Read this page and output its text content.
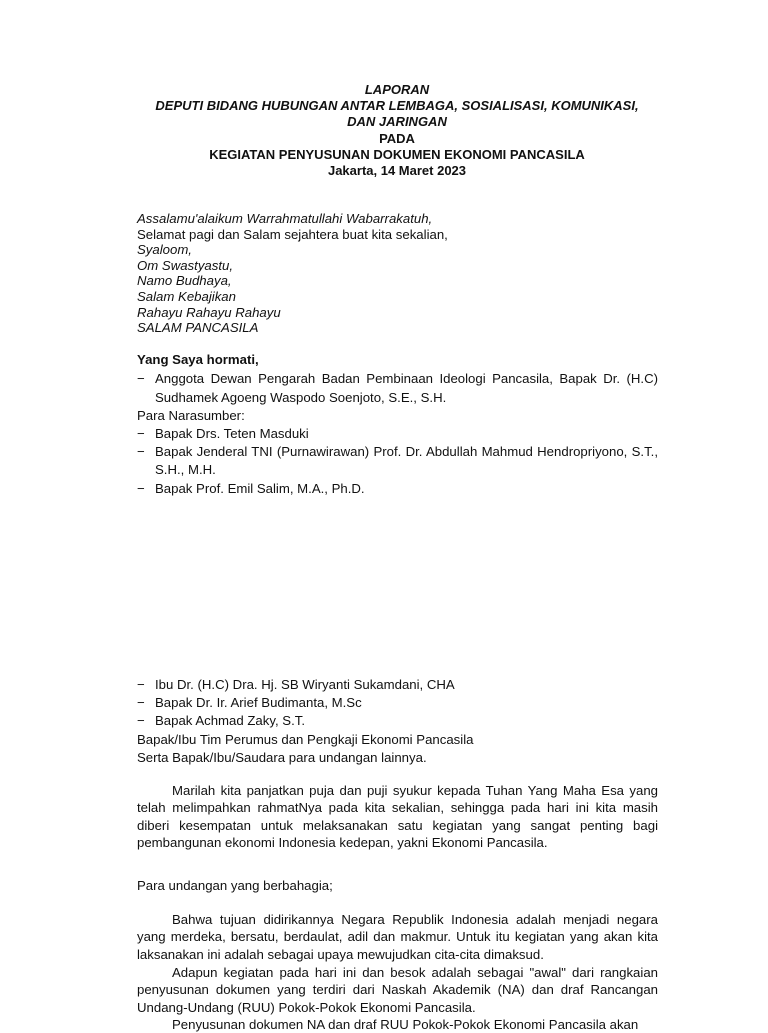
LAPORAN
DEPUTI BIDANG HUBUNGAN ANTAR LEMBAGA, SOSIALISASI, KOMUNIKASI,
DAN JARINGAN
PADA
KEGIATAN PENYUSUNAN DOKUMEN EKONOMI PANCASILA
Jakarta, 14 Maret 2023
Assalamu'alaikum Warrahmatullahi Wabarrakatuh,
Selamat pagi dan Salam sejahtera buat kita sekalian,
Syaloom,
Om Swastyastu,
Namo Budhaya,
Salam Kebajikan
Rahayu Rahayu Rahayu
SALAM PANCASILA
Yang Saya hormati,
− Anggota Dewan Pengarah Badan Pembinaan Ideologi Pancasila, Bapak Dr. (H.C) Sudhamek Agoeng Waspodo Soenjoto, S.E., S.H.
Para Narasumber:
− Bapak Drs. Teten Masduki
− Bapak Jenderal TNI (Purnawirawan) Prof. Dr. Abdullah Mahmud Hendropriyono, S.T., S.H., M.H.
− Bapak Prof. Emil Salim, M.A., Ph.D.
− Ibu Dr. (H.C) Dra. Hj. SB Wiryanti Sukamdani, CHA
− Bapak Dr. Ir. Arief Budimanta, M.Sc
− Bapak Achmad Zaky, S.T.
Bapak/Ibu Tim Perumus dan Pengkaji Ekonomi Pancasila
Serta Bapak/Ibu/Saudara para undangan lainnya.
Marilah kita panjatkan puja dan puji syukur kepada Tuhan Yang Maha Esa yang telah melimpahkan rahmatNya pada kita sekalian, sehingga pada hari ini kita masih diberi kesempatan untuk melaksanakan satu kegiatan yang sangat penting bagi pembangunan ekonomi Indonesia kedepan, yakni Ekonomi Pancasila.
Para undangan yang berbahagia;
Bahwa tujuan didirikannya Negara Republik Indonesia adalah menjadi negara yang merdeka, bersatu, berdaulat, adil dan makmur. Untuk itu kegiatan yang akan kita laksanakan ini adalah sebagai upaya mewujudkan cita-cita dimaksud.
Adapun kegiatan pada hari ini dan besok adalah sebagai "awal" dari rangkaian penyusunan dokumen yang terdiri dari Naskah Akademik (NA) dan draf Rancangan Undang-Undang (RUU) Pokok-Pokok Ekonomi Pancasila.
Penyusunan dokumen NA dan draf RUU Pokok-Pokok Ekonomi Pancasila akan
